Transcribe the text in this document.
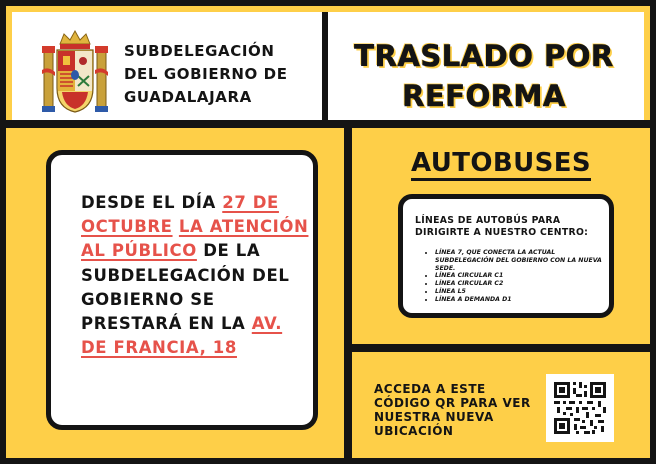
SUBDELEGACIÓN
DEL GOBIERNO DE
GUADALAJARA

TRASLADO POR
REFORMA

DESDE EL DÍA 27 DE OCTUBRE LA ATENCIÓN AL PÚBLICO DE LA SUBDELEGACIÓN DEL GOBIERNO SE PRESTARÁ EN LA AV. DE FRANCIA, 18

AUTOBUSES

LÍNEAS DE AUTOBÚS PARA DIRIGIRTE A NUESTRO CENTRO:

• LÍNEA 7, QUE CONECTA LA ACTUAL SUBDELEGACIÓN DEL GOBIERNO CON LA NUEVA SEDE.
• LÍNEA CIRCULAR C1
• LÍNEA CIRCULAR C2
• LÍNEA L5
• LÍNEA A DEMANDA D1

ACCEDA A ESTE CÓDIGO QR PARA VER NUESTRA NUEVA UBICACIÓN
